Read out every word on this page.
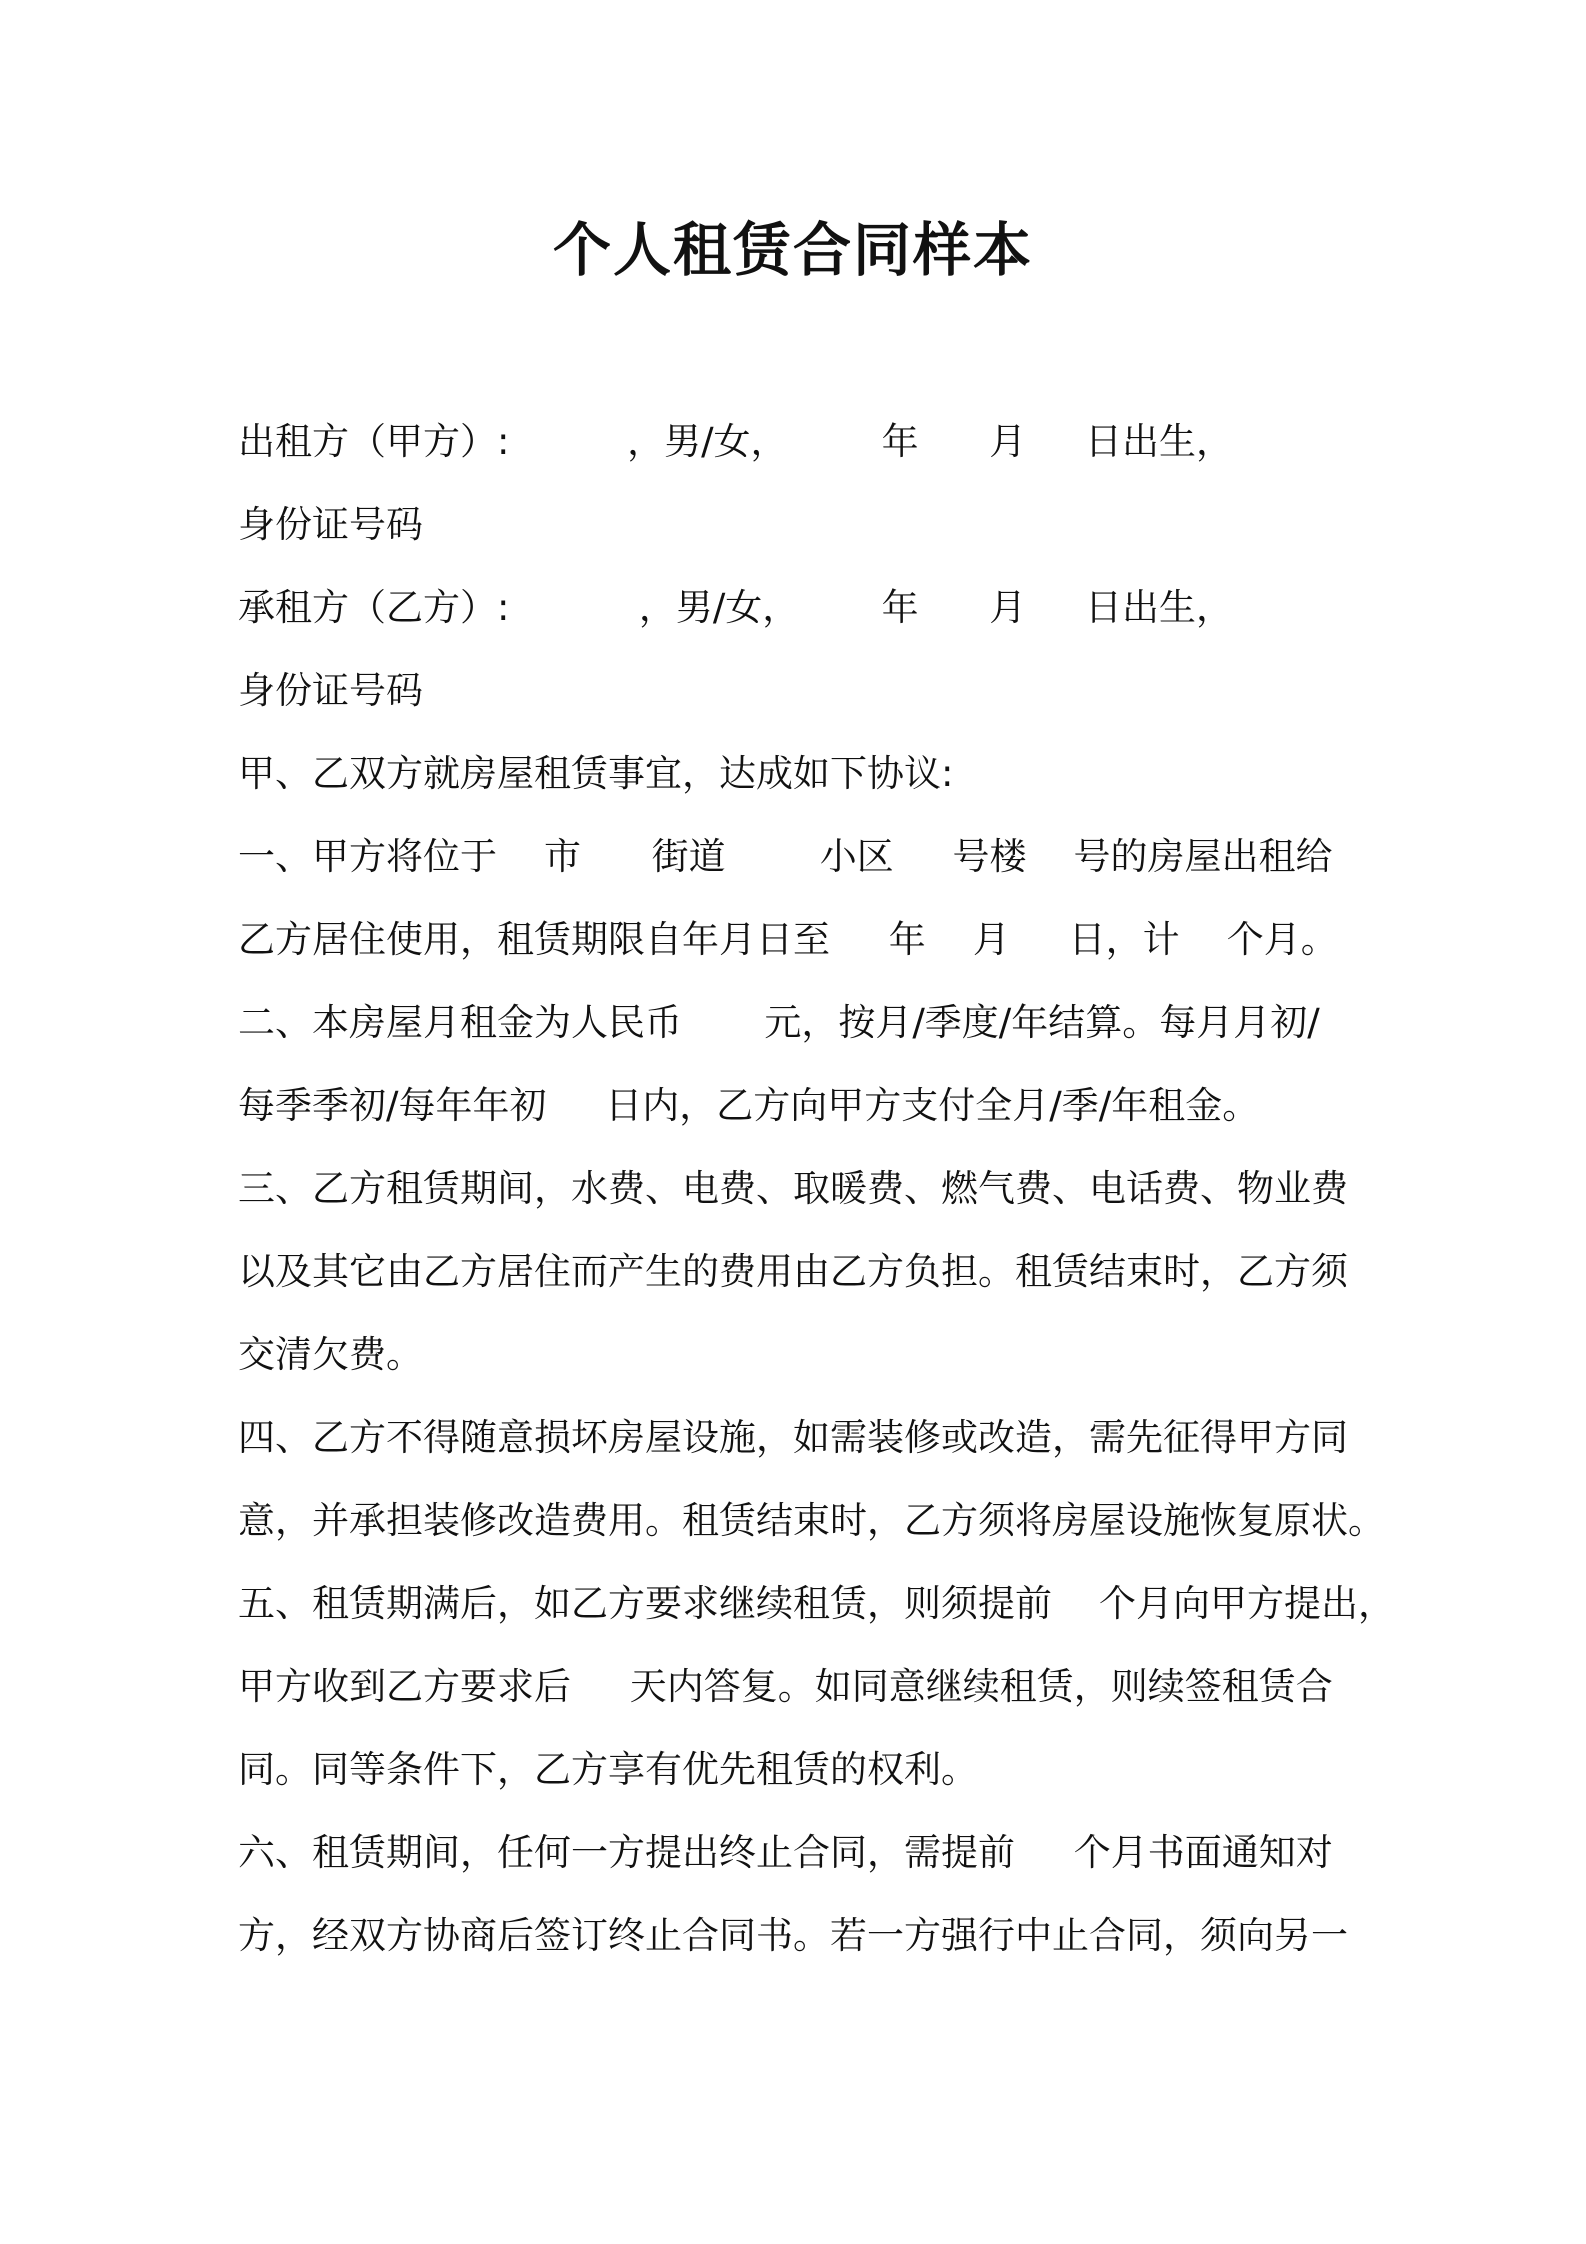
个人租赁合同样本
出租方（甲方）:          ，男/女，        年      月     日出生，
身份证号码
承租方（乙方）:           ，男/女，       年      月     日出生，
身份证号码
甲、乙双方就房屋租赁事宜，达成如下协议:
一、甲方将位于    市      街道        小区     号楼    号的房屋出租给
乙方居住使用，租赁期限自年月日至     年    月     日，计    个月。
二、本房屋月租金为人民币       元，按月/季度/年结算。每月月初/
每季季初/每年年初     日内，乙方向甲方支付全月/季/年租金。
三、乙方租赁期间，水费、电费、取暖费、燃气费、电话费、物业费
以及其它由乙方居住而产生的费用由乙方负担。租赁结束时，乙方须
交清欠费。
四、乙方不得随意损坏房屋设施，如需装修或改造，需先征得甲方同
意，并承担装修改造费用。租赁结束时，乙方须将房屋设施恢复原状。
五、租赁期满后，如乙方要求继续租赁，则须提前    个月向甲方提出，
甲方收到乙方要求后     天内答复。如同意继续租赁，则续签租赁合
同。同等条件下，乙方享有优先租赁的权利。
六、租赁期间，任何一方提出终止合同，需提前     个月书面通知对
方，经双方协商后签订终止合同书。若一方强行中止合同，须向另一
